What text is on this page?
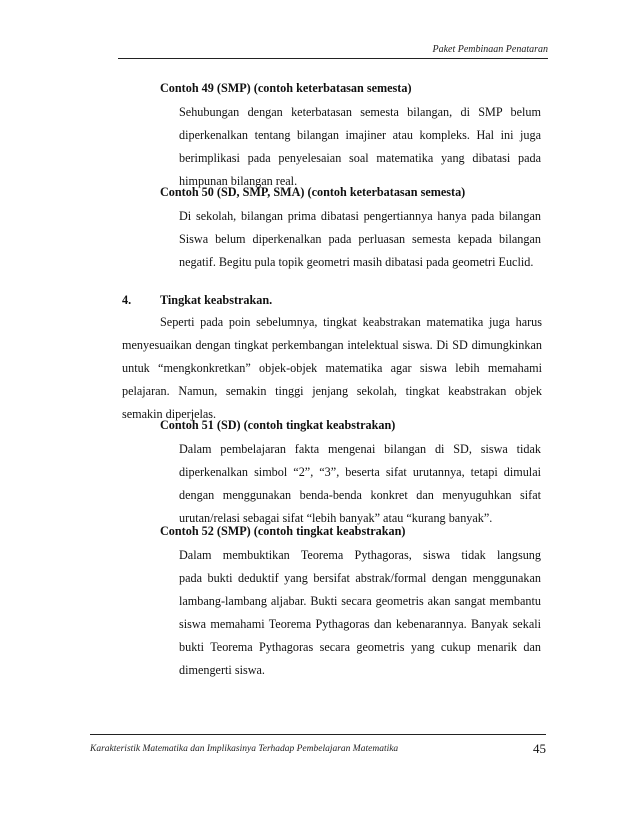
Paket Pembinaan Penataran
Contoh 49 (SMP) (contoh keterbatasan semesta)
Sehubungan dengan keterbatasan semesta bilangan, di SMP belum
diperkenalkan tentang bilangan imajiner atau kompleks. Hal ini juga
berimplikasi pada penyelesaian soal matematika yang dibatasi pada
himpunan bilangan real.
Contoh 50 (SD, SMP, SMA) (contoh keterbatasan semesta)
Di sekolah, bilangan prima dibatasi pengertiannya hanya pada bilangan
Siswa belum diperkenalkan pada perluasan semesta kepada bilangan
negatif. Begitu pula topik geometri masih dibatasi pada geometri Euclid.
4. Tingkat keabstrakan.
Seperti pada poin sebelumnya, tingkat keabstrakan matematika juga harus
menyesuaikan dengan tingkat perkembangan intelektual siswa. Di SD dimungkinkan
untuk “mengkonkretkan” objek-objek matematika agar siswa lebih memahami
pelajaran. Namun, semakin tinggi jenjang sekolah, tingkat keabstrakan objek
semakin diperjelas.
Contoh 51 (SD) (contoh tingkat keabstrakan)
Dalam pembelajaran fakta mengenai bilangan di SD, siswa tidak
diperkenalkan simbol “2”, “3”, beserta sifat urutannya, tetapi dimulai
dengan menggunakan benda-benda konkret dan menyuguhkan sifat
urutan/relasi sebagai sifat “lebih banyak” atau “kurang banyak”.
Contoh 52 (SMP) (contoh tingkat keabstrakan)
Dalam membuktikan Teorema Pythagoras, siswa tidak langsung
pada bukti deduktif yang bersifat abstrak/formal dengan menggunakan
lambang-lambang aljabar. Bukti secara geometris akan sangat membantu
siswa memahami Teorema Pythagoras dan kebenarannya. Banyak sekali
bukti Teorema Pythagoras secara geometris yang cukup menarik dan
dimengerti siswa.
Karakteristik Matematika dan Implikasinya Terhadap Pembelajaran Matematika	45
